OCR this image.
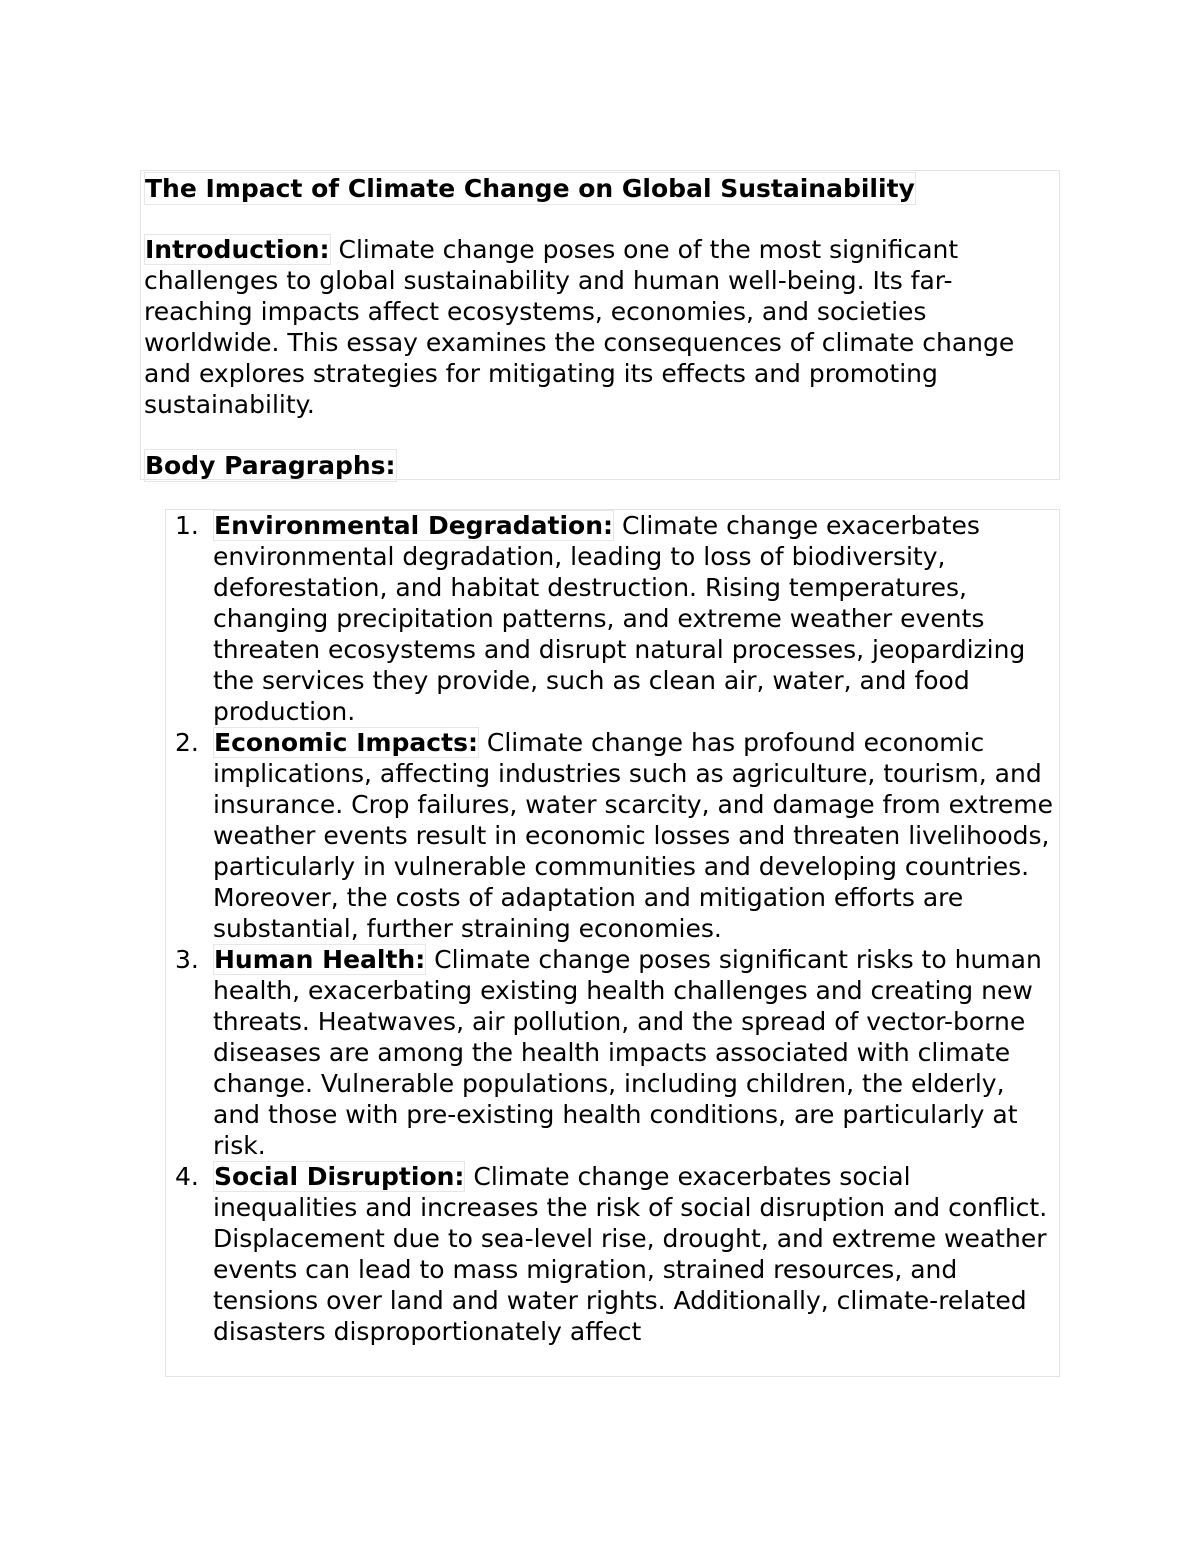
The Impact of Climate Change on Global Sustainability

Introduction: Climate change poses one of the most significant challenges to global sustainability and human well-being. Its far-reaching impacts affect ecosystems, economies, and societies worldwide. This essay examines the consequences of climate change and explores strategies for mitigating its effects and promoting sustainability.

Body Paragraphs:
1. Environmental Degradation: Climate change exacerbates environmental degradation, leading to loss of biodiversity, deforestation, and habitat destruction. Rising temperatures, changing precipitation patterns, and extreme weather events threaten ecosystems and disrupt natural processes, jeopardizing the services they provide, such as clean air, water, and food production.
2. Economic Impacts: Climate change has profound economic implications, affecting industries such as agriculture, tourism, and insurance. Crop failures, water scarcity, and damage from extreme weather events result in economic losses and threaten livelihoods, particularly in vulnerable communities and developing countries. Moreover, the costs of adaptation and mitigation efforts are substantial, further straining economies.
3. Human Health: Climate change poses significant risks to human health, exacerbating existing health challenges and creating new threats. Heatwaves, air pollution, and the spread of vector-borne diseases are among the health impacts associated with climate change. Vulnerable populations, including children, the elderly, and those with pre-existing health conditions, are particularly at risk.
4. Social Disruption: Climate change exacerbates social inequalities and increases the risk of social disruption and conflict. Displacement due to sea-level rise, drought, and extreme weather events can lead to mass migration, strained resources, and tensions over land and water rights. Additionally, climate-related disasters disproportionately affect
